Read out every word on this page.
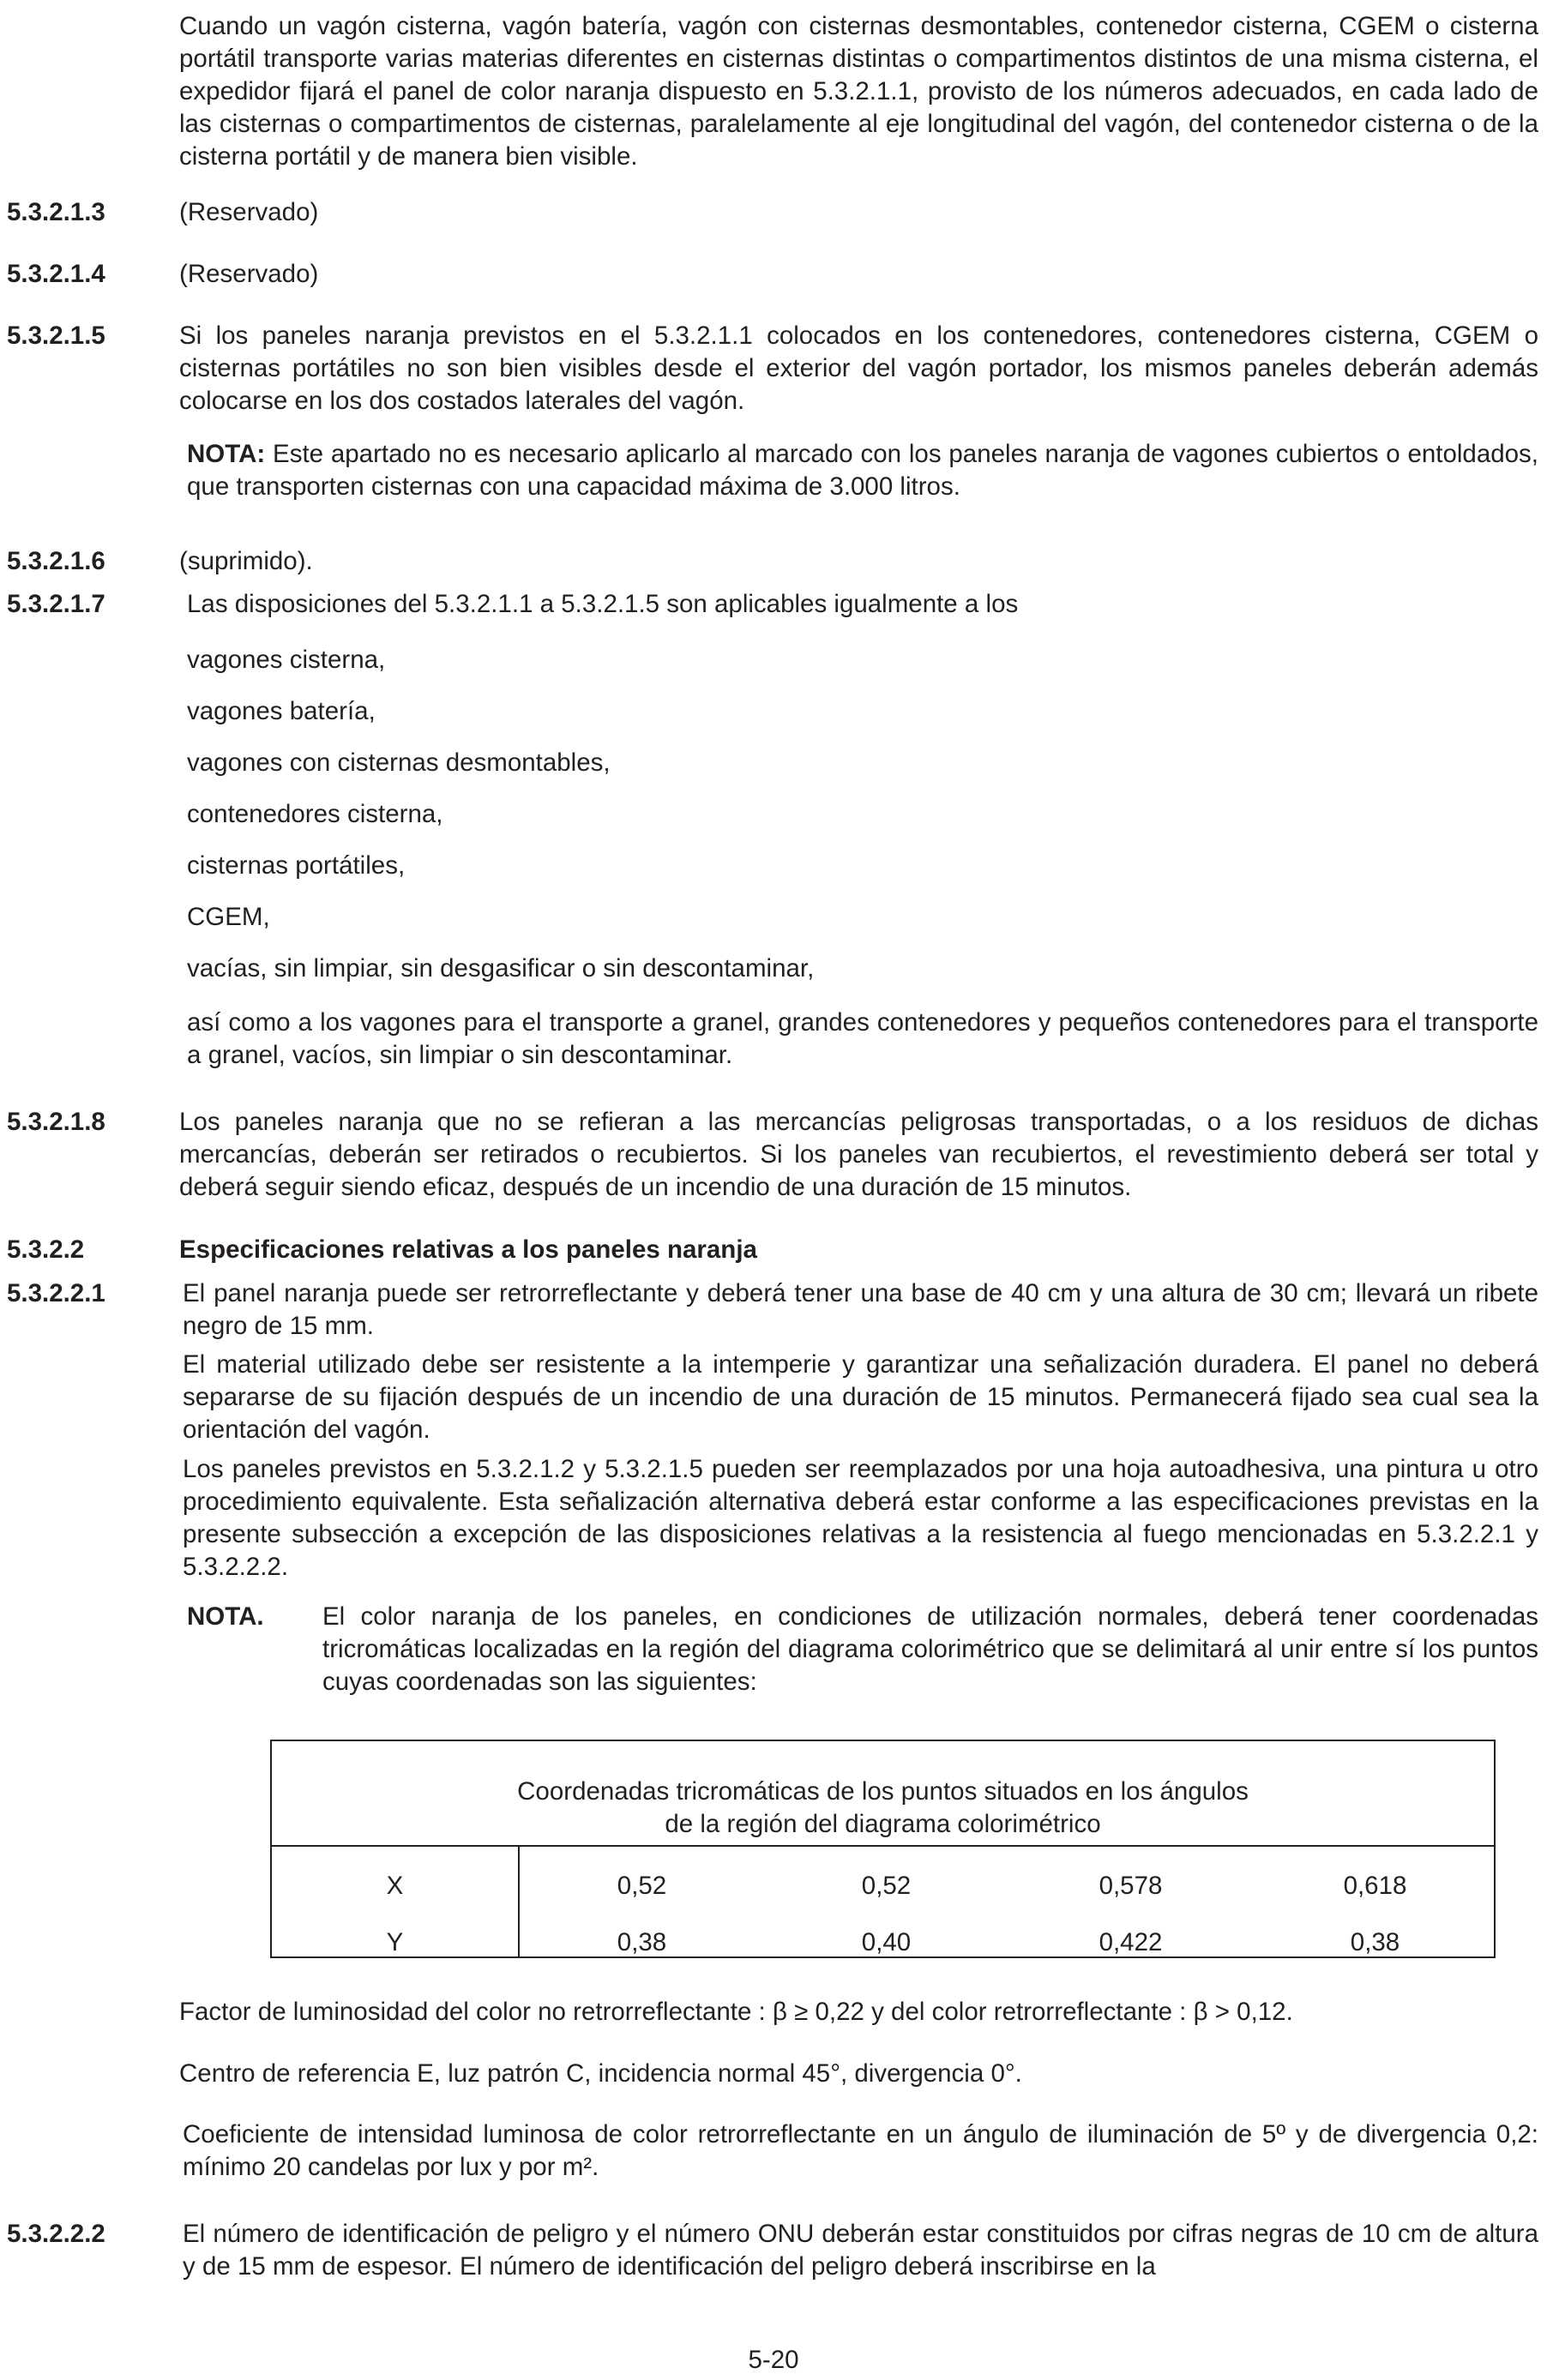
Cuando un vagón cisterna, vagón batería, vagón con cisternas desmontables, contenedor cisterna, CGEM o cisterna portátil transporte varias materias diferentes en cisternas distintas o compartimentos distintos de una misma cisterna, el expedidor fijará el panel de color naranja dispuesto en 5.3.2.1.1, provisto de los números adecuados, en cada lado de las cisternas o compartimentos de cisternas, paralelamente al eje longitudinal del vagón, del contenedor cisterna o de la cisterna portátil y de manera bien visible.
5.3.2.1.3	(Reservado)
5.3.2.1.4	(Reservado)
5.3.2.1.5	Si los paneles naranja previstos en el 5.3.2.1.1 colocados en los contenedores, contenedores cisterna, CGEM o cisternas portátiles no son bien visibles desde el exterior del vagón portador, los mismos paneles deberán además colocarse en los dos costados laterales del vagón.
NOTA: Este apartado no es necesario aplicarlo al marcado con los paneles naranja de vagones cubiertos o entoldados, que transporten cisternas con una capacidad máxima de 3.000 litros.
5.3.2.1.6	(suprimido).
5.3.2.1.7	Las disposiciones del 5.3.2.1.1 a 5.3.2.1.5 son aplicables igualmente a los
vagones cisterna,
vagones batería,
vagones con cisternas desmontables,
contenedores cisterna,
cisternas portátiles,
CGEM,
vacías, sin limpiar, sin desgasificar o sin descontaminar,
así como a los vagones para el transporte a granel, grandes contenedores y pequeños contenedores para el transporte a granel, vacíos, sin limpiar o sin descontaminar.
5.3.2.1.8	Los paneles naranja que no se refieran a las mercancías peligrosas transportadas, o a los residuos de dichas mercancías, deberán ser retirados o recubiertos. Si los paneles van recubiertos, el revestimiento deberá ser total y deberá seguir siendo eficaz, después de un incendio de una duración de 15 minutos.
5.3.2.2	Especificaciones relativas a los paneles naranja
5.3.2.2.1	El panel naranja puede ser retrorreflectante y deberá tener una base de 40 cm y una altura de 30 cm; llevará un ribete negro de 15 mm.
El material utilizado debe ser resistente a la intemperie y garantizar una señalización duradera. El panel no deberá separarse de su fijación después de un incendio de una duración de 15 minutos. Permanecerá fijado sea cual sea la orientación del vagón.
Los paneles previstos en 5.3.2.1.2 y 5.3.2.1.5 pueden ser reemplazados por una hoja autoadhesiva, una pintura u otro procedimiento equivalente. Esta señalización alternativa deberá estar conforme a las especificaciones previstas en la presente subsección a excepción de las disposiciones relativas a la resistencia al fuego mencionadas en 5.3.2.2.1 y 5.3.2.2.2.
NOTA. El color naranja de los paneles, en condiciones de utilización normales, deberá tener coordenadas tricromáticas localizadas en la región del diagrama colorimétrico que se delimitará al unir entre sí los puntos cuyas coordenadas son las siguientes:
Coordenadas tricromáticas de los puntos situados en los ángulos
de la región del diagrama colorimétrico
X	0,52	0,52	0,578	0,618
Y	0,38	0,40	0,422	0,38
Factor de luminosidad del color no retrorreflectante : β ≥ 0,22 y del color retrorreflectante : β > 0,12.
Centro de referencia E, luz patrón C, incidencia normal 45°, divergencia 0°.
Coeficiente de intensidad luminosa de color retrorreflectante en un ángulo de iluminación de 5º y de divergencia 0,2: mínimo 20 candelas por lux y por m².
5.3.2.2.2	El número de identificación de peligro y el número ONU deberán estar constituidos por cifras negras de 10 cm de altura y de 15 mm de espesor. El número de identificación del peligro deberá inscribirse en la
5-20
